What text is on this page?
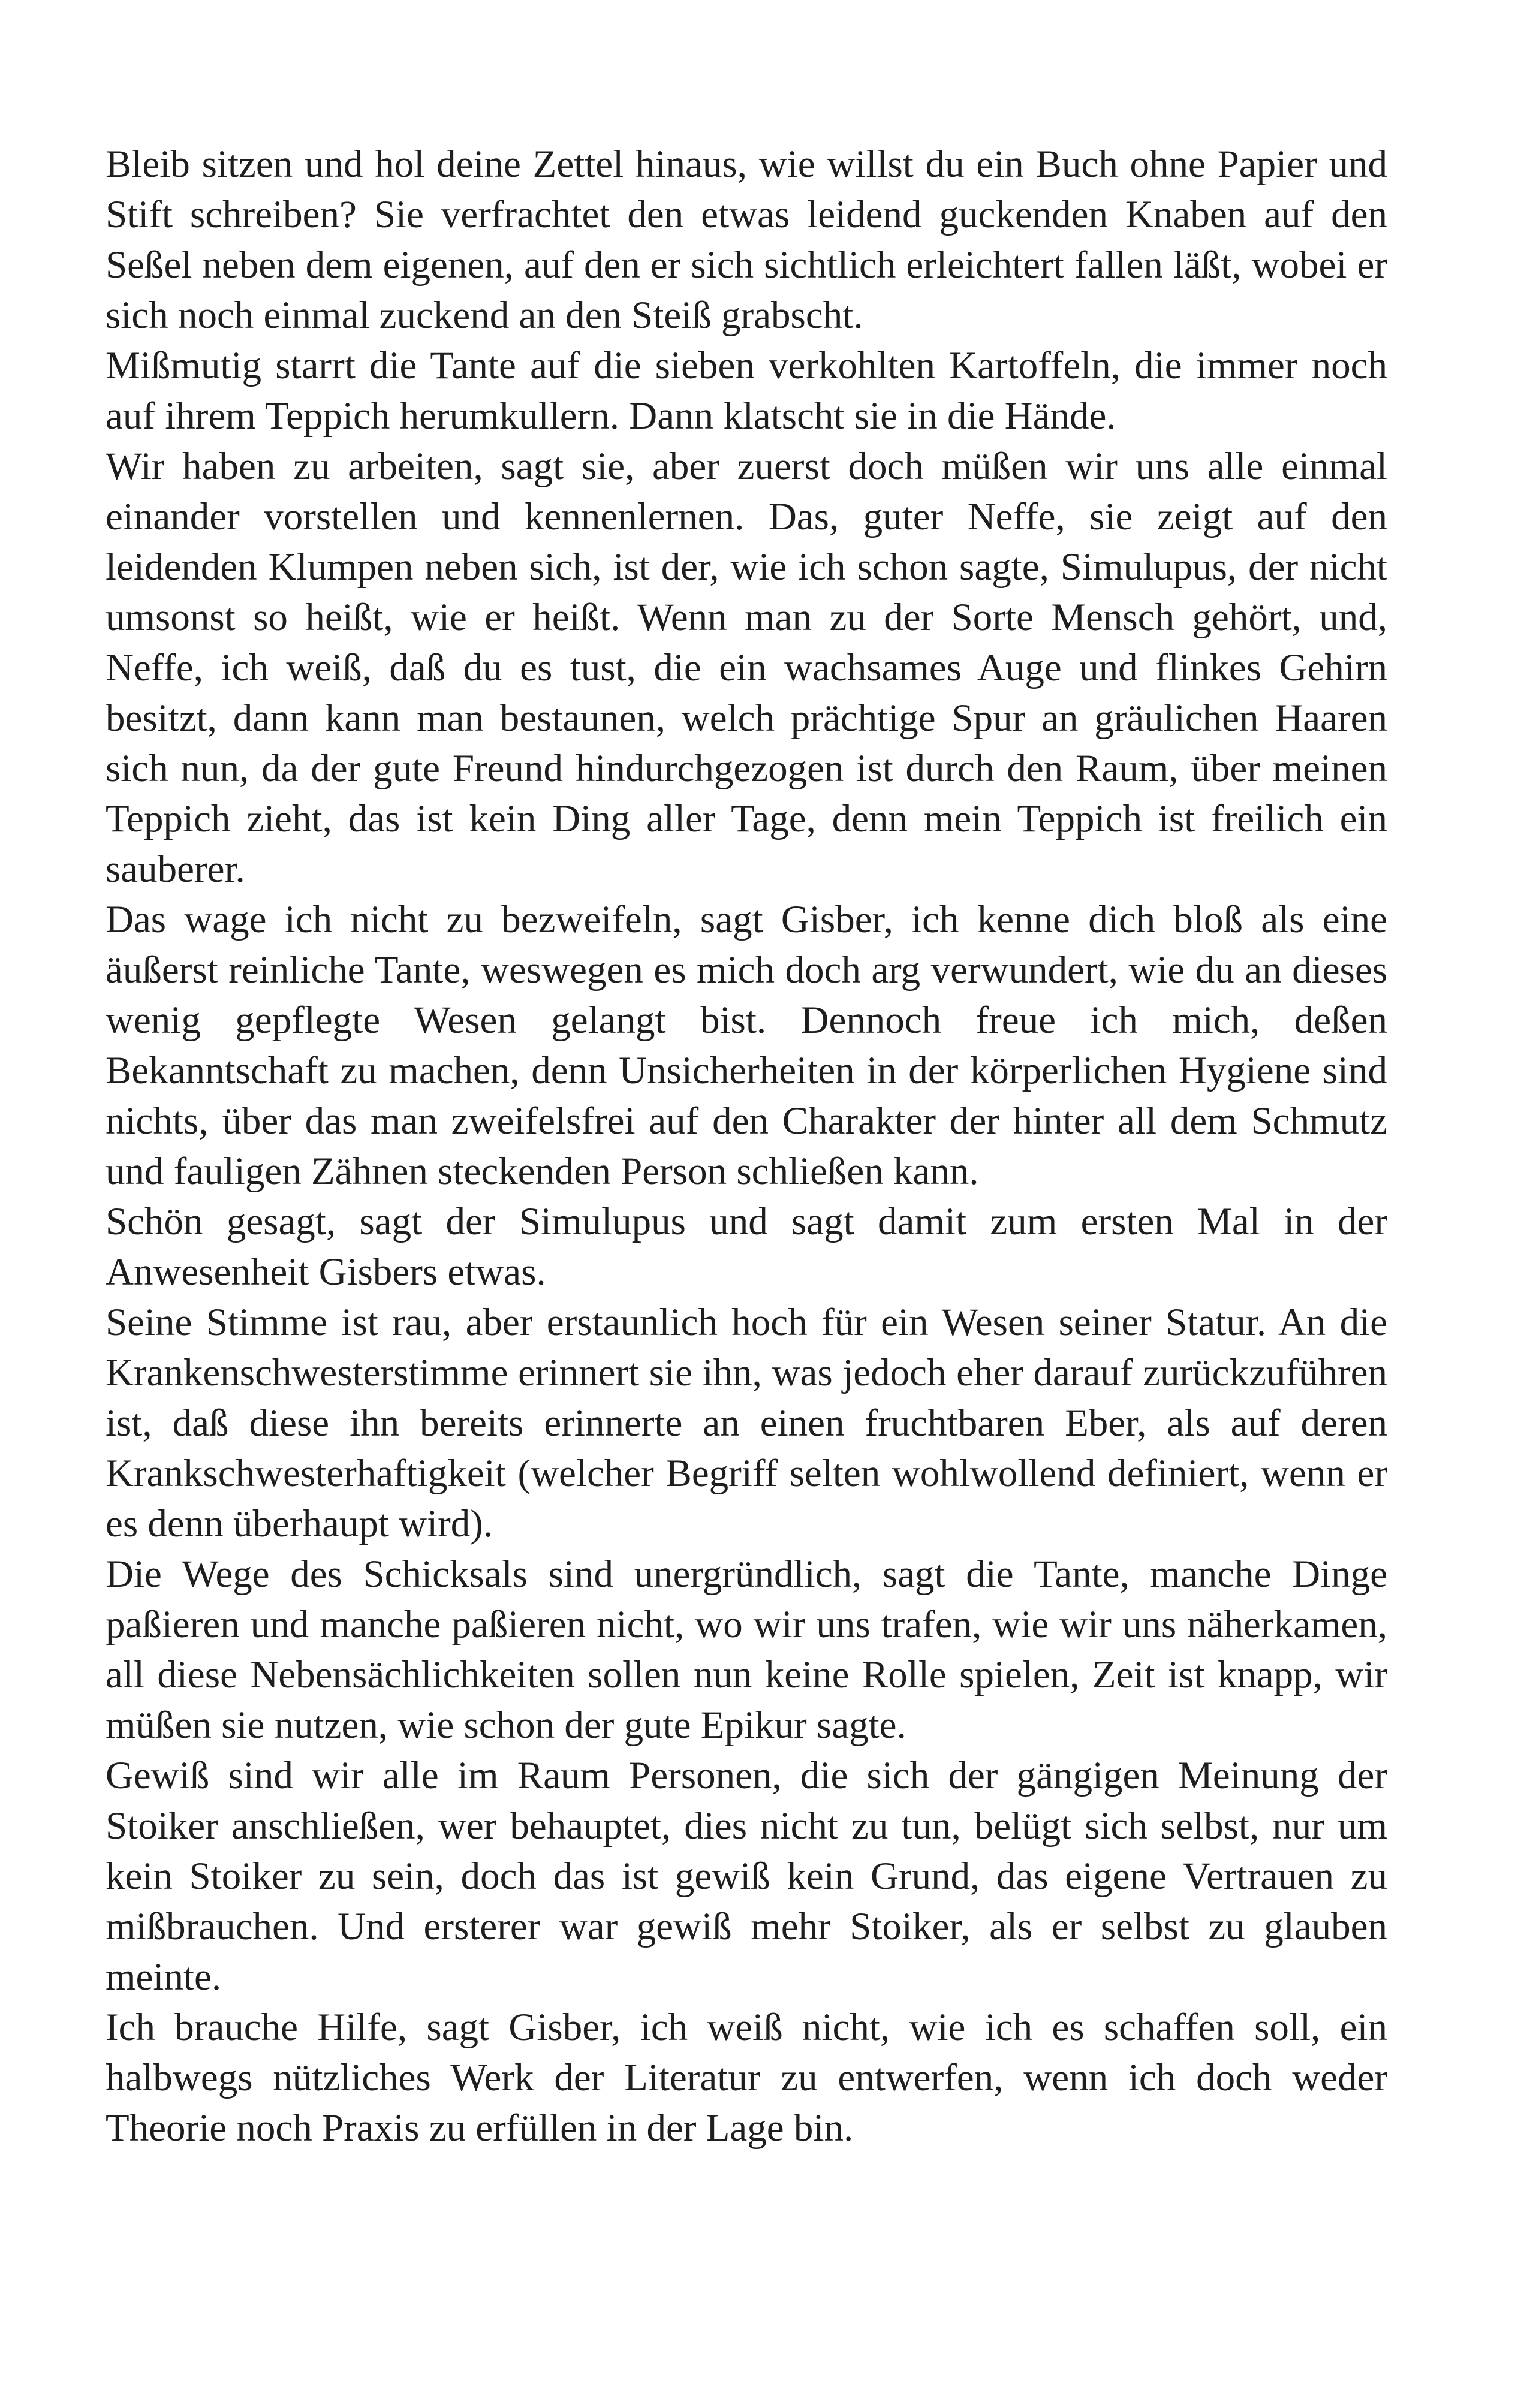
Bleib sitzen und hol deine Zettel hinaus, wie willst du ein Buch ohne Papier und Stift schreiben? Sie verfrachtet den etwas leidend guckenden Knaben auf den Seßel neben dem eigenen, auf den er sich sichtlich erleichtert fallen läßt, wobei er sich noch einmal zuckend an den Steiß grabscht.

Mißmutig starrt die Tante auf die sieben verkohlten Kartoffeln, die immer noch auf ihrem Teppich herumkullern. Dann klatscht sie in die Hände.

Wir haben zu arbeiten, sagt sie, aber zuerst doch müßen wir uns alle einmal einander vorstellen und kennenlernen. Das, guter Neffe, sie zeigt auf den leidenden Klumpen neben sich, ist der, wie ich schon sagte, Simulupus, der nicht umsonst so heißt, wie er heißt. Wenn man zu der Sorte Mensch gehört, und, Neffe, ich weiß, daß du es tust, die ein wachsames Auge und flinkes Gehirn besitzt, dann kann man bestaunen, welch prächtige Spur an gräulichen Haaren sich nun, da der gute Freund hindurchgezogen ist durch den Raum, über meinen Teppich zieht, das ist kein Ding aller Tage, denn mein Teppich ist freilich ein sauberer.

Das wage ich nicht zu bezweifeln, sagt Gisber, ich kenne dich bloß als eine äußerst reinliche Tante, weswegen es mich doch arg verwundert, wie du an dieses wenig gepflegte Wesen gelangt bist. Dennoch freue ich mich, deßen Bekanntschaft zu machen, denn Unsicherheiten in der körperlichen Hygiene sind nichts, über das man zweifelsfrei auf den Charakter der hinter all dem Schmutz und fauligen Zähnen steckenden Person schließen kann.

Schön gesagt, sagt der Simulupus und sagt damit zum ersten Mal in der Anwesenheit Gisbers etwas.

Seine Stimme ist rau, aber erstaunlich hoch für ein Wesen seiner Statur. An die Krankenschwesterstimme erinnert sie ihn, was jedoch eher darauf zurückzuführen ist, daß diese ihn bereits erinnerte an einen fruchtbaren Eber, als auf deren Krankschwesterhaftigkeit (welcher Begriff selten wohlwollend definiert, wenn er es denn überhaupt wird).

Die Wege des Schicksals sind unergründlich, sagt die Tante, manche Dinge paßieren und manche paßieren nicht, wo wir uns trafen, wie wir uns näherkamen, all diese Nebensächlichkeiten sollen nun keine Rolle spielen, Zeit ist knapp, wir müßen sie nutzen, wie schon der gute Epikur sagte.

Gewiß sind wir alle im Raum Personen, die sich der gängigen Meinung der Stoiker anschließen, wer behauptet, dies nicht zu tun, belügt sich selbst, nur um kein Stoiker zu sein, doch das ist gewiß kein Grund, das eigene Vertrauen zu mißbrauchen. Und ersterer war gewiß mehr Stoiker, als er selbst zu glauben meinte.

Ich brauche Hilfe, sagt Gisber, ich weiß nicht, wie ich es schaffen soll, ein halbwegs nützliches Werk der Literatur zu entwerfen, wenn ich doch weder Theorie noch Praxis zu erfüllen in der Lage bin.
